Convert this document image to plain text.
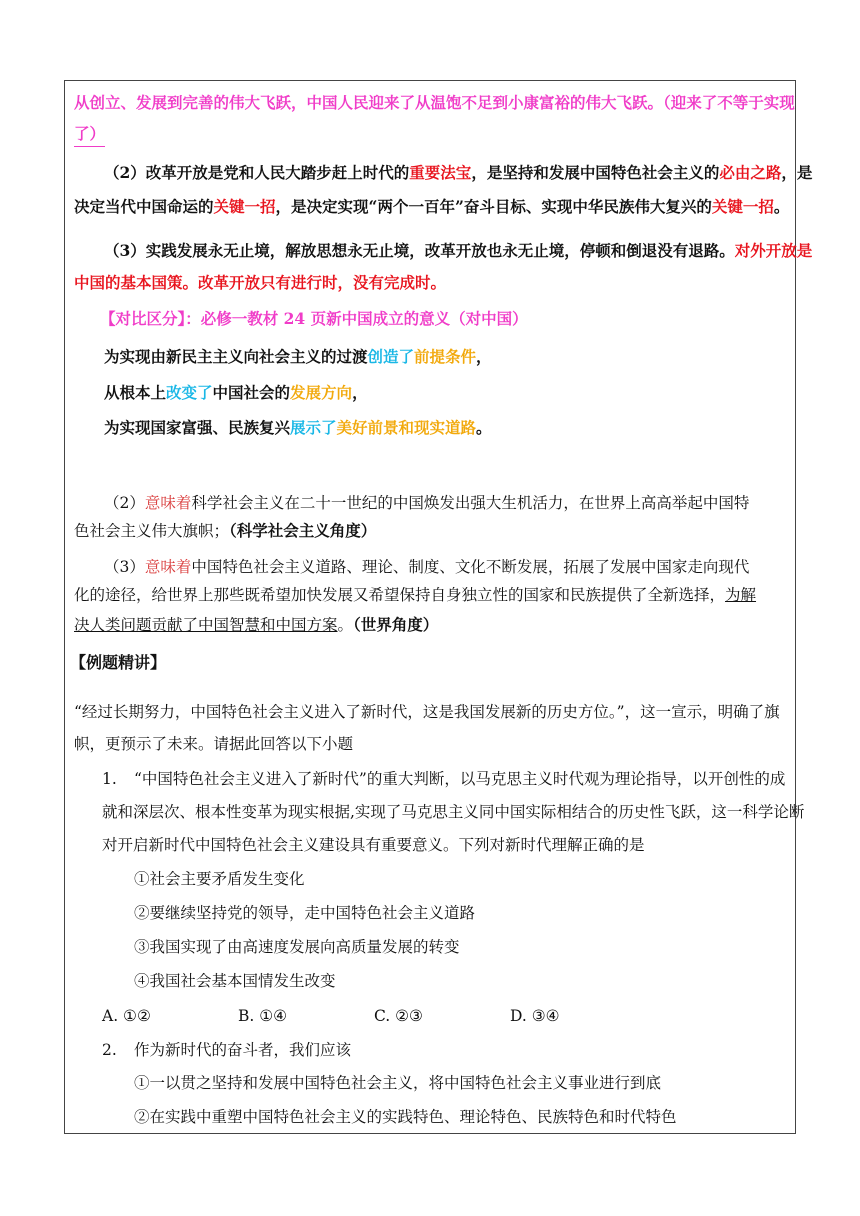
从创立、发展到完善的伟大飞跃，中国人民迎来了从温饱不足到小康富裕的伟大飞跃。（迎来了不等于实现
了）
（2）改革开放是党和人民大踏步赶上时代的重要法宝，是坚持和发展中国特色社会主义的必由之路，是
决定当代中国命运的关键一招，是决定实现“两个一百年”奋斗目标、实现中华民族伟大复兴的关键一招。
（3）实践发展永无止境，解放思想永无止境，改革开放也永无止境，停顿和倒退没有退路。对外开放是
中国的基本国策。改革开放只有进行时，没有完成时。
【对比区分】：必修一教材 24 页新中国成立的意义（对中国）
为实现由新民主主义向社会主义的过渡创造了前提条件，
从根本上改变了中国社会的发展方向，
为实现国家富强、民族复兴展示了美好前景和现实道路。
（2）意味着科学社会主义在二十一世纪的中国焕发出强大生机活力，在世界上高高举起中国特
色社会主义伟大旗帜；（科学社会主义角度）
（3）意味着中国特色社会主义道路、理论、制度、文化不断发展，拓展了发展中国家走向现代
化的途径，给世界上那些既希望加快发展又希望保持自身独立性的国家和民族提供了全新选择，为解
决人类问题贡献了中国智慧和中国方案。（世界角度）
【例题精讲】
“经过长期努力，中国特色社会主义进入了新时代，这是我国发展新的历史方位。”，这一宣示，明确了旗
帜，更预示了未来。请据此回答以下小题
1. “中国特色社会主义进入了新时代”的重大判断，以马克思主义时代观为理论指导，以开创性的成
就和深层次、根本性变革为现实根据,实现了马克思主义同中国实际相结合的历史性飞跃，这一科学论断
对开启新时代中国特色社会主义建设具有重要意义。下列对新时代理解正确的是
①社会主要矛盾发生变化
②要继续坚持党的领导，走中国特色社会主义道路
③我国实现了由高速度发展向高质量发展的转变
④我国社会基本国情发生改变
A. ①②	B. ①④	C. ②③	D. ③④
2. 作为新时代的奋斗者，我们应该
①一以贯之坚持和发展中国特色社会主义，将中国特色社会主义事业进行到底
②在实践中重塑中国特色社会主义的实践特色、理论特色、民族特色和时代特色
